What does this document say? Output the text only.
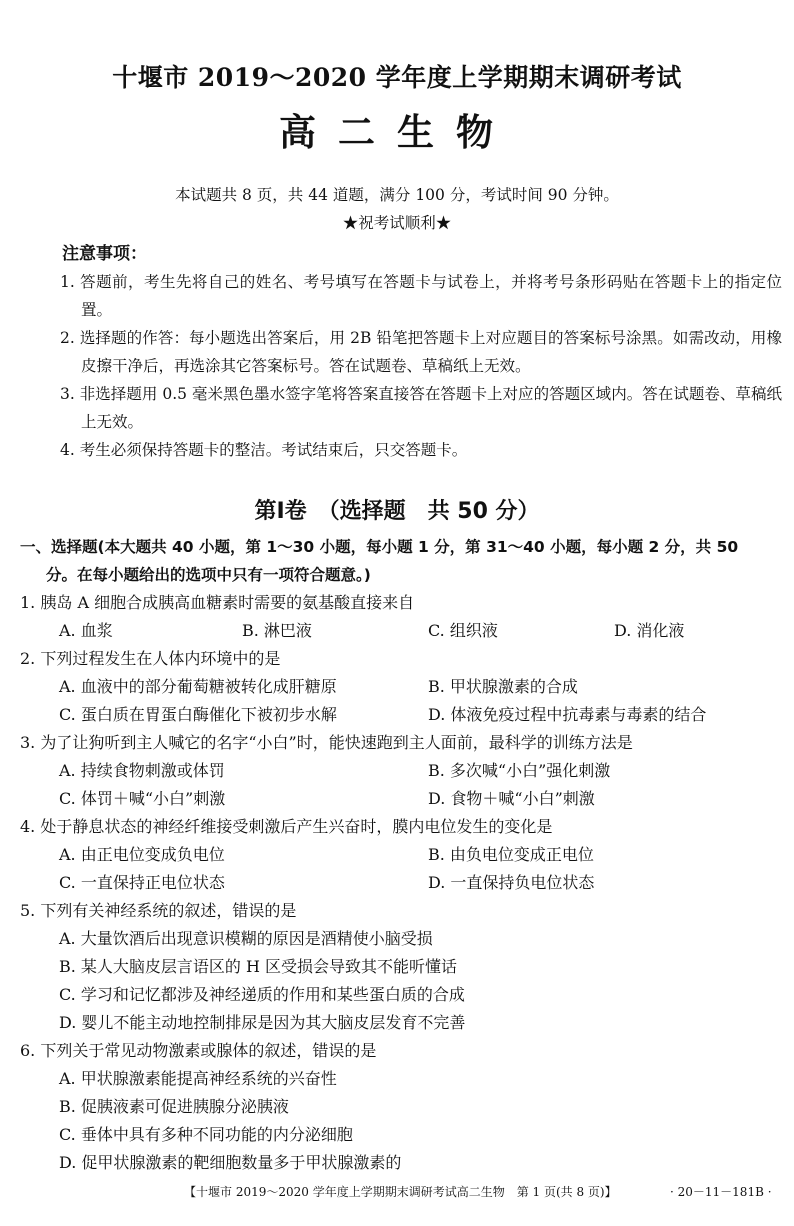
十堰市 2019～2020 学年度上学期期末调研考试
高二生物
本试题共 8 页，共 44 道题，满分 100 分，考试时间 90 分钟。
★祝考试顺利★
注意事项：
1. 答题前，考生先将自己的姓名、考号填写在答题卡与试卷上，并将考号条形码贴在答题卡上的指定位置。
2. 选择题的作答：每小题选出答案后，用 2B 铅笔把答题卡上对应题目的答案标号涂黑。如需改动，用橡皮擦干净后，再选涂其它答案标号。答在试题卷、草稿纸上无效。
3. 非选择题用 0.5 毫米黑色墨水签字笔将答案直接答在答题卡上对应的答题区域内。答在试题卷、草稿纸上无效。
4. 考生必须保持答题卡的整洁。考试结束后，只交答题卡。
第Ⅰ卷　（选择题　共 50 分）
一、选择题(本大题共 40 小题，第 1～30 小题，每小题 1 分，第 31～40 小题，每小题 2 分，共 50
分。在每小题给出的选项中只有一项符合题意。)
1. 胰岛 A 细胞合成胰高血糖素时需要的氨基酸直接来自
A. 血浆	B. 淋巴液	C. 组织液	D. 消化液
2. 下列过程发生在人体内环境中的是
A. 血液中的部分葡萄糖被转化成肝糖原	B. 甲状腺激素的合成
C. 蛋白质在胃蛋白酶催化下被初步水解	D. 体液免疫过程中抗毒素与毒素的结合
3. 为了让狗听到主人喊它的名字“小白”时，能快速跑到主人面前，最科学的训练方法是
A. 持续食物刺激或体罚	B. 多次喊“小白”强化刺激
C. 体罚＋喊“小白”刺激	D. 食物＋喊“小白”刺激
4. 处于静息状态的神经纤维接受刺激后产生兴奋时，膜内电位发生的变化是
A. 由正电位变成负电位	B. 由负电位变成正电位
C. 一直保持正电位状态	D. 一直保持负电位状态
5. 下列有关神经系统的叙述，错误的是
A. 大量饮酒后出现意识模糊的原因是酒精使小脑受损
B. 某人大脑皮层言语区的 H 区受损会导致其不能听懂话
C. 学习和记忆都涉及神经递质的作用和某些蛋白质的合成
D. 婴儿不能主动地控制排尿是因为其大脑皮层发育不完善
6. 下列关于常见动物激素或腺体的叙述，错误的是
A. 甲状腺激素能提高神经系统的兴奋性
B. 促胰液素可促进胰腺分泌胰液
C. 垂体中具有多种不同功能的内分泌细胞
D. 促甲状腺激素的靶细胞数量多于甲状腺激素的
【十堰市 2019～2020 学年度上学期期末调研考试高二生物　第 1 页(共 8 页)】	· 20－11－181B ·
